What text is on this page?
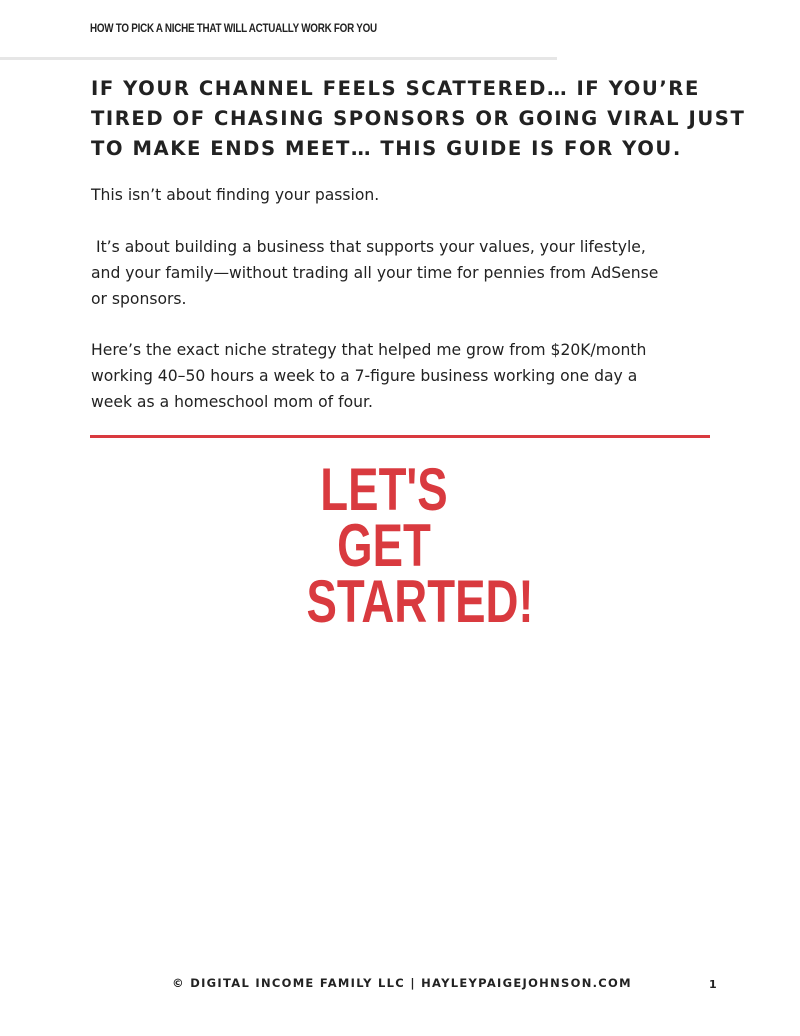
HOW TO PICK A NICHE THAT WILL ACTUALLY WORK FOR YOU
IF YOUR CHANNEL FEELS SCATTERED… IF YOU’RE TIRED OF CHASING SPONSORS OR GOING VIRAL JUST TO MAKE ENDS MEET… THIS GUIDE IS FOR YOU.

This isn’t about finding your passion.

It’s about building a business that supports your values, your lifestyle,
and your family—without trading all your time for pennies from AdSense
or sponsors.

Here’s the exact niche strategy that helped me grow from $20K/month
working 40–50 hours a week to a 7-figure business working one day a
week as a homeschool mom of four.

LET'S
GET
STARTED!
© DIGITAL INCOME FAMILY LLC | HAYLEYPAIGEJOHNSON.COM	1
